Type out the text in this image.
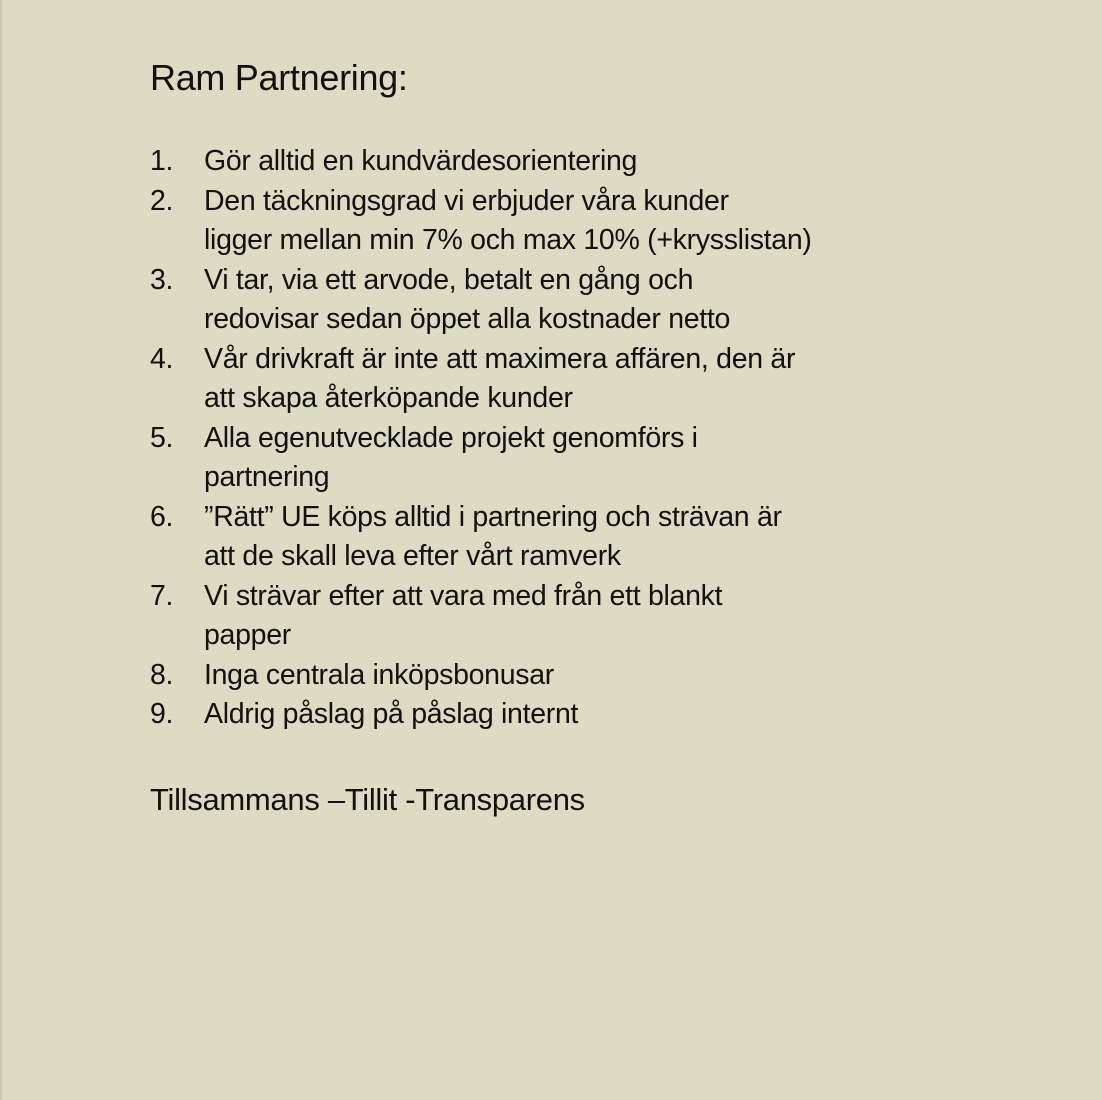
Ram Partnering:
1.	Gör alltid en kundvärdesorientering
2.	Den täckningsgrad vi erbjuder våra kunder
ligger mellan min 7% och max 10% (+krysslistan)
3.	Vi tar, via ett arvode, betalt en gång och
redovisar sedan öppet alla kostnader netto
4.	Vår drivkraft är inte att maximera affären, den är
att skapa återköpande kunder
5.	Alla egenutvecklade projekt genomförs i
partnering
6.	”Rätt” UE köps alltid i partnering och strävan är
att de skall leva efter vårt ramverk
7.	Vi strävar efter att vara med från ett blankt
papper
8.	Inga centrala inköpsbonusar
9.	Aldrig påslag på påslag internt

Tillsammans –Tillit -Transparens
